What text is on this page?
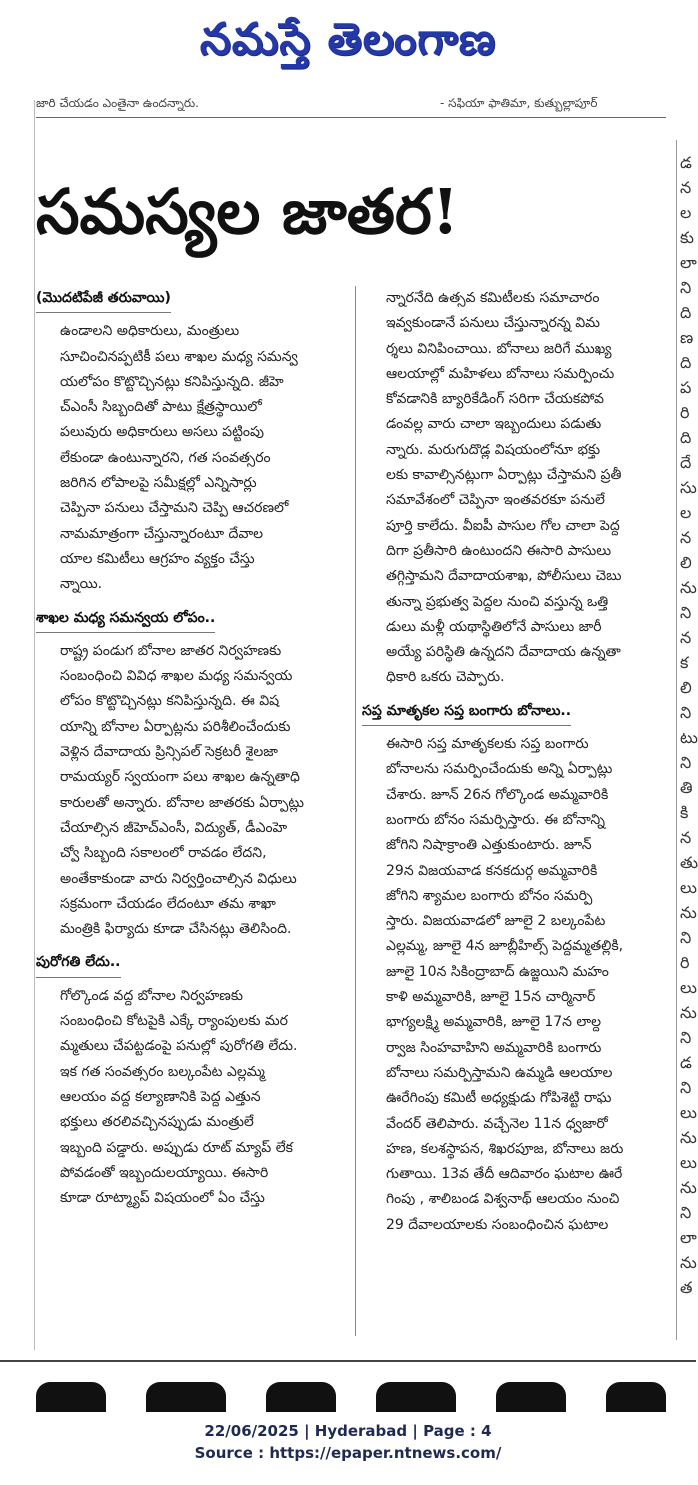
నమస్తే తెలంగాణ
జారి చేయడం ఎంతైనా ఉందన్నారు.	- సఫియా ఫాతిమా, కుత్బుల్లాపూర్
డ
న
ల
కు
లా
ని
ది
ణ
ది
ప
రి
ది
దే
సు
ల
న
లి
ను
ని
న
క
లి
ని
టు
ని
తి
కి
న
తు
లు
ను
ని
రి
లు
ను
ని
డ
ని
లు
ను
లు
ను
ని
లా
ను
త
సమస్యల జాతర!
(మొదటిపేజీ తరువాయి)
ఉండాలని అధికారులు, మంత్రులు
సూచించినప్పటికీ పలు శాఖల మధ్య సమన్వ
యలోపం కొట్టొచ్చినట్లు కనిపిస్తున్నది. జీహె
చ్ఎంసీ సిబ్బందితో పాటు క్షేత్రస్థాయిలో
పలువురు అధికారులు అసలు పట్టింపు
లేకుండా ఉంటున్నారని, గత సంవత్సరం
జరిగిన లోపాలపై సమీక్షల్లో ఎన్నిసార్లు
చెప్పినా పనులు చేస్తామని చెప్పి ఆచరణలో
నామమాత్రంగా చేస్తున్నారంటూ దేవాల
యాల కమిటీలు ఆగ్రహం వ్యక్తం చేస్తు
న్నాయి.
శాఖల మధ్య సమన్వయ లోపం..
రాష్ట్ర పండుగ బోనాల జాతర నిర్వహణకు
సంబంధించి వివిధ శాఖల మధ్య సమన్వయ
లోపం కొట్టొచ్చినట్లు కనిపిస్తున్నది. ఈ విష
యాన్ని బోనాల ఏర్పాట్లను పరిశీలించేందుకు
వెళ్లిన దేవాదాయ ప్రిన్సిపల్ సెక్రటరీ శైలజా
రామయ్యర్ స్వయంగా పలు శాఖల ఉన్నతాధి
కారులతో అన్నారు. బోనాల జాతరకు ఏర్పాట్లు
చేయాల్సిన జీహెచ్ఎంసీ, విద్యుత్, డీఎంహె
చ్వో సిబ్బంది సకాలంలో రావడం లేదని,
అంతేకాకుండా వారు నిర్వర్తించాల్సిన విధులు
సక్రమంగా చేయడం లేదంటూ తమ శాఖా
మంత్రికి ఫిర్యాదు కూడా చేసినట్లు తెలిసింది.
పురోగతి లేదు..
గోల్కొండ వద్ద బోనాల నిర్వహణకు
సంబంధించి కోటపైకి ఎక్కే ర్యాంపులకు మర
మ్మతులు చేపట్టడంపై పనుల్లో పురోగతి లేదు.
ఇక గత సంవత్సరం బల్కంపేట ఎల్లమ్మ
ఆలయం వద్ద కల్యాణానికి పెద్ద ఎత్తున
భక్తులు తరలివచ్చినప్పుడు మంత్రులే
ఇబ్బంది పడ్డారు. అప్పుడు రూట్ మ్యాప్ లేక
పోవడంతో ఇబ్బందులయ్యాయి. ఈసారి
కూడా రూట్మ్యాప్ విషయంలో ఏం చేస్తు
న్నారనేది ఉత్సవ కమిటీలకు సమాచారం
ఇవ్వకుండానే పనులు చేస్తున్నారన్న విమ
ర్శలు వినిపించాయి. బోనాలు జరిగే ముఖ్య
ఆలయాల్లో మహిళలు బోనాలు సమర్పించు
కోవడానికి బ్యారికేడింగ్ సరిగా చేయకపోవ
డంవల్ల వారు చాలా ఇబ్బందులు పడుతు
న్నారు. మరుగుదొడ్ల విషయంలోనూ భక్తు
లకు కావాల్సినట్లుగా ఏర్పాట్లు చేస్తామని ప్రతీ
సమావేశంలో చెప్పినా ఇంతవరకూ పనులే
పూర్తి కాలేదు. వీఐపీ పాసుల గోల చాలా పెద్ద
దిగా ప్రతీసారి ఉంటుందని ఈసారి పాసులు
తగ్గిస్తామని దేవాదాయశాఖ, పోలీసులు చెబు
తున్నా ప్రభుత్వ పెద్దల నుంచి వస్తున్న ఒత్తి
డులు మళ్లీ యథాస్థితిలోనే పాసులు జారీ
అయ్యే పరిస్థితి ఉన్నదని దేవాదాయ ఉన్నతా
ధికారి ఒకరు చెప్పారు.
సప్త మాతృకల సప్త బంగారు బోనాలు..
ఈసారి సప్త మాతృకలకు సప్త బంగారు
బోనాలను సమర్పించేందుకు అన్ని ఏర్పాట్లు
చేశారు. జూన్ 26న గోల్కొండ అమ్మవారికి
బంగారు బోనం సమర్పిస్తారు. ఈ బోనాన్ని
జోగిని నిషాక్రాంతి ఎత్తుకుంటారు. జూన్
29న విజయవాడ కనకదుర్గ అమ్మవారికి
జోగిని శ్యామల బంగారు బోనం సమర్పి
స్తారు. విజయవాడలో జూలై 2 బల్కంపేట
ఎల్లమ్మ, జూలై 4న జూబ్లీహిల్స్ పెద్దమ్మతల్లికి,
జూలై 10న సికింద్రాబాద్ ఉజ్జయిని మహం
కాళి అమ్మవారికి, జూలై 15న చార్మినార్
భాగ్యలక్ష్మి అమ్మవారికి, జూలై 17న లాల్ద
ర్వాజ సింహవాహిని అమ్మవారికి బంగారు
బోనాలు సమర్పిస్తామని ఉమ్మడి ఆలయాల
ఊరేగింపు కమిటీ అధ్యక్షుడు గోపిశెట్టి రాఘ
వేందర్ తెలిపారు. వచ్చేనెల 11న ధ్వజారో
హణ, కలశస్థాపన, శిఖరపూజ, బోనాలు జరు
గుతాయి. 13వ తేదీ ఆదివారం ఘటాల ఊరే
గింపు , శాలిబండ విశ్వనాథ్ ఆలయం నుంచి
29 దేవాలయాలకు సంబంధించిన ఘటాల
22/06/2025 | Hyderabad | Page : 4
Source : https://epaper.ntnews.com/
